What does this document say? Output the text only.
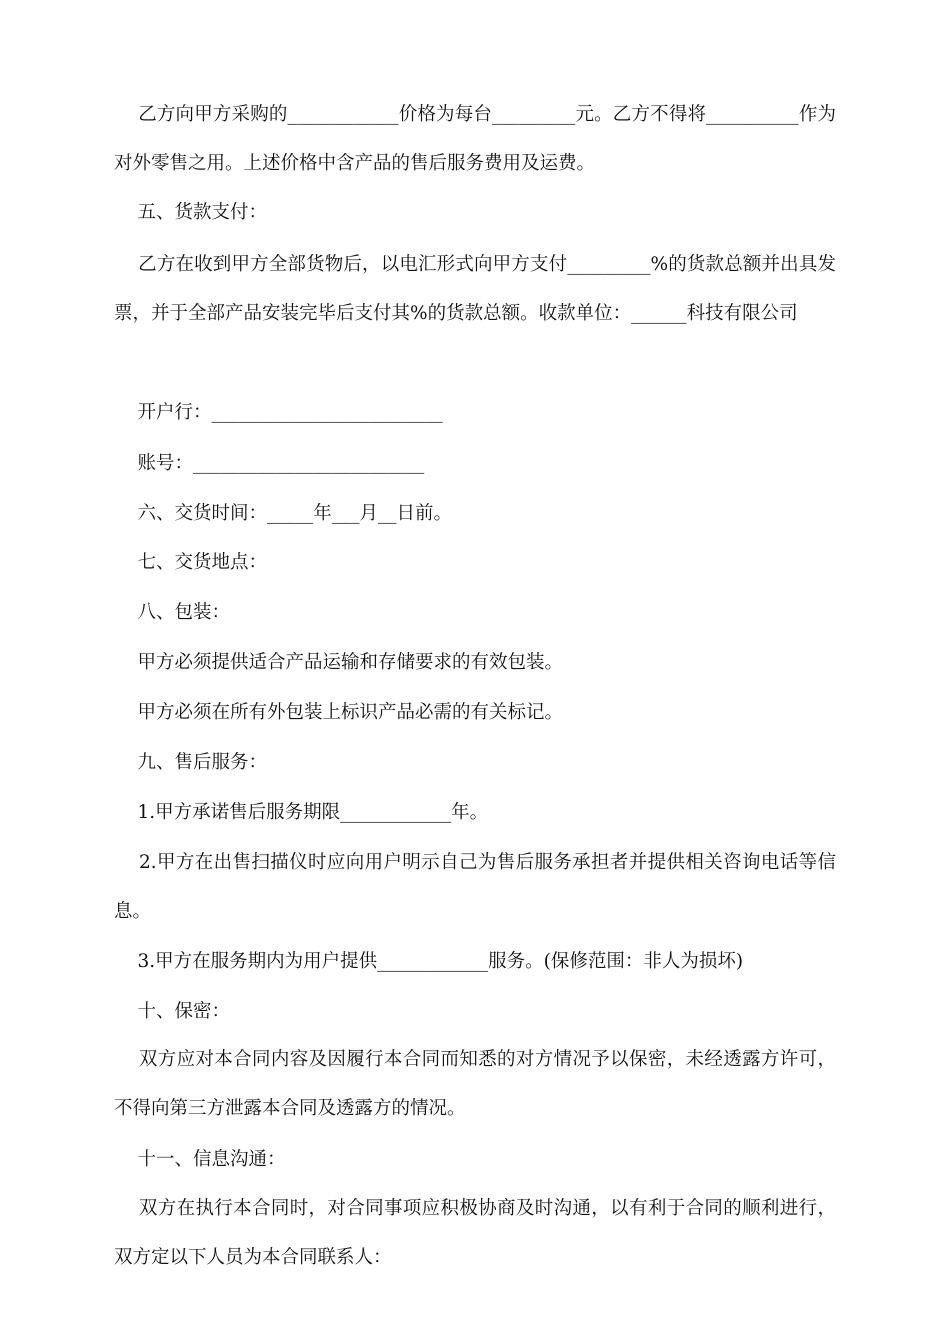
乙方向甲方采购的____________价格为每台_________元。乙方不得将__________作为对外零售之用。上述价格中含产品的售后服务费用及运费。

五、货款支付：

乙方在收到甲方全部货物后，以电汇形式向甲方支付_________%的货款总额并出具发票，并于全部产品安装完毕后支付其%的货款总额。收款单位：______科技有限公司

开户行：_________________________

账号：_________________________

六、交货时间：_____年___月__日前。

七、交货地点：

八、包装：

甲方必须提供适合产品运输和存储要求的有效包装。

甲方必须在所有外包装上标识产品必需的有关标记。

九、售后服务：

1.甲方承诺售后服务期限____________年。

2.甲方在出售扫描仪时应向用户明示自己为售后服务承担者并提供相关咨询电话等信息。

3.甲方在服务期内为用户提供____________服务。(保修范围：非人为损坏)

十、保密：

双方应对本合同内容及因履行本合同而知悉的对方情况予以保密，未经透露方许可，不得向第三方泄露本合同及透露方的情况。

十一、信息沟通：

双方在执行本合同时，对合同事项应积极协商及时沟通，以有利于合同的顺利进行，双方定以下人员为本合同联系人：
